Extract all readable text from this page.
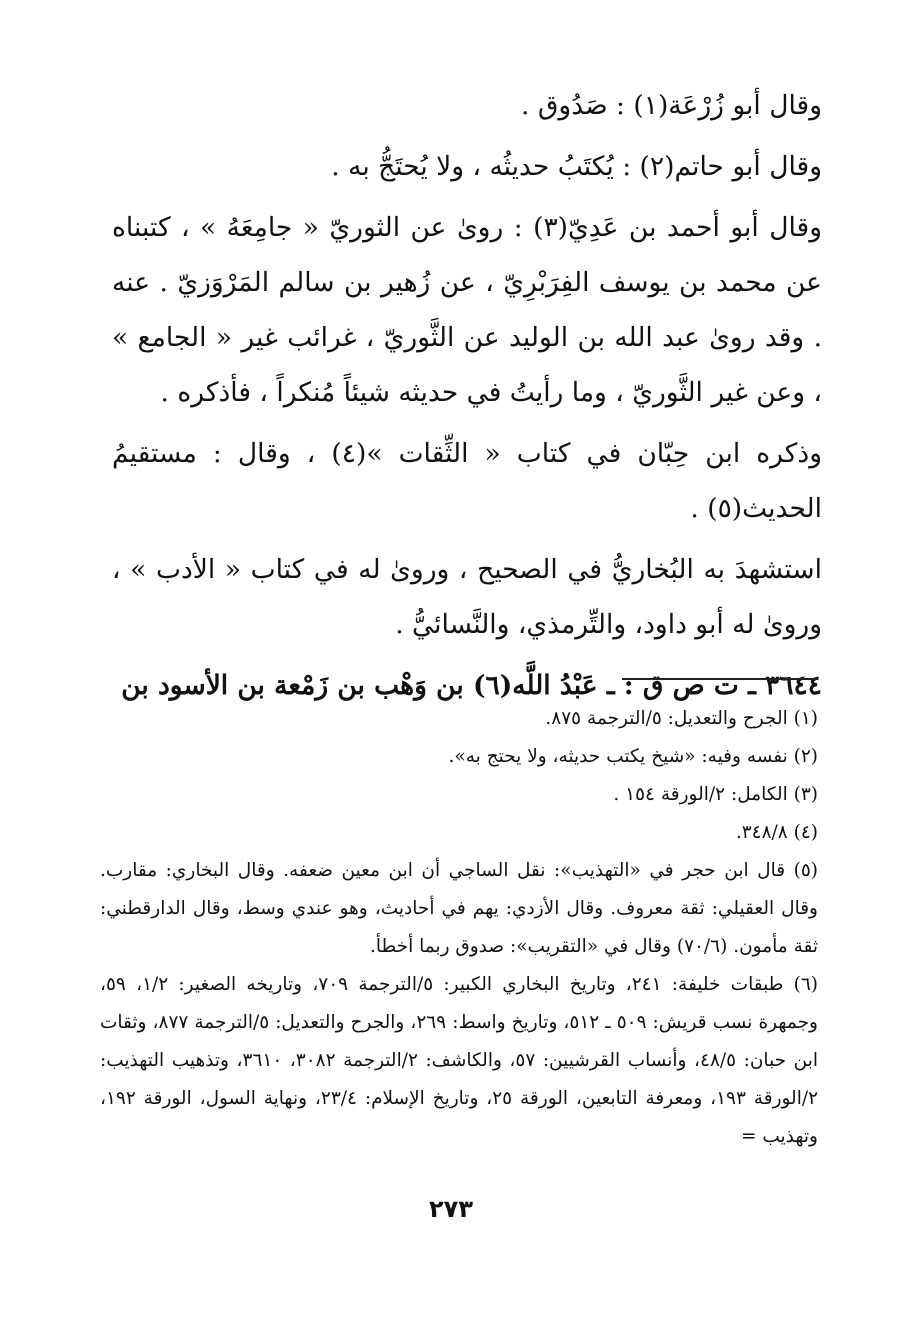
وقال أبو زُرْعَة(١) : صَدُوق .

وقال أبو حاتم(٢) : يُكتَبُ حديثُه ، ولا يُحتَجُّ به .

وقال أبو أحمد بن عَدِيّ(٣) : روىٰ عن الثوريّ « جامِعَهُ » ، كتبناه عن محمد بن يوسف الفِرَبْرِيّ ، عن زُهير بن سالم المَرْوَزيّ . عنه . وقد روىٰ عبد الله بن الوليد عن الثَّوريّ ، غرائب غير « الجامع » ، وعن غير الثَّوريّ ، وما رأيتُ في حديثه شيئاً مُنكراً ، فأذكره .

وذكره ابن حِبّان في كتاب « الثِّقات »(٤) ، وقال : مستقيمُ الحديث(٥) .

استشهدَ به البُخاريُّ في الصحيح ، وروىٰ له في كتاب « الأدب » ، وروىٰ له أبو داود، والتِّرمذي، والنَّسائيُّ .

٣٦٤٤ ـ ت ص ق : ـ عَبْدُ اللَّه(٦) بن وَهْب بن زَمْعة بن الأسود بن

(١) الجرح والتعديل: ٥/الترجمة ٨٧٥.

(٢) نفسه وفيه: «شيخ يكتب حديثه، ولا يحتج به».

(٣) الكامل: ٢/الورقة ١٥٤ .

(٤) ٣٤٨/٨.

(٥) قال ابن حجر في «التهذيب»: نقل الساجي أن ابن معين ضعفه. وقال البخاري: مقارب. وقال العقيلي: ثقة معروف. وقال الأزدي: يهم في أحاديث، وهو عندي وسط، وقال الدارقطني: ثقة مأمون. (٧٠/٦) وقال في «التقريب»: صدوق ربما أخطأ.

(٦) طبقات خليفة: ٢٤١، وتاريخ البخاري الكبير: ٥/الترجمة ٧٠٩، وتاريخه الصغير: ١/٢، ٥٩، وجمهرة نسب قريش: ٥٠٩ ـ ٥١٢، وتاريخ واسط: ٢٦٩، والجرح والتعديل: ٥/الترجمة ٨٧٧، وثقات ابن حبان: ٤٨/٥، وأنساب القرشيين: ٥٧، والكاشف: ٢/الترجمة ٣٠٨٢، ٣٦١٠، وتذهيب التهذيب: ٢/الورقة ١٩٣، ومعرفة التابعين، الورقة ٢٥، وتاريخ الإسلام: ٢٣/٤، ونهاية السول، الورقة ١٩٢، وتهذيب =

٢٧٣
